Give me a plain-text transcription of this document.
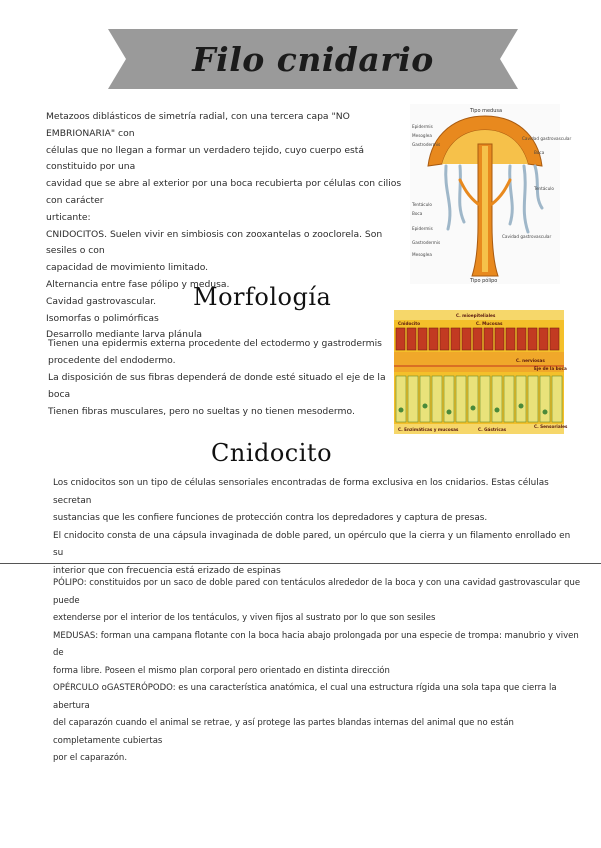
Filo cnidario

Metazoos diblásticos de simetría radial, con una tercera capa "NO EMBRIONARIA" con

células que no llegan a formar un verdadero tejido, cuyo cuerpo está constituido por una

cavidad que se abre al exterior por una boca recubierta por células con cilios con carácter

urticante:

CNIDOCITOS. Suelen vivir en simbiosis con zooxantelas o zooclorela. Son sesiles o con

capacidad de movimiento limitado.

Alternancia entre fase pólipo y medusa.

Cavidad gastrovascular.

Isomorfas o polimórficas

Desarrollo mediante larva plánula

Tipo medusa
Tipo pólipo
Epidermis
Mesoglea
Gastrodermis
Tentáculo
Boca
Epidermis
Gastrodermis
Mesoglea
Cavidad gastrovascular
Boca
Tentáculo
Cavidad gastrovascular
Morfología

Tienen una epidermis externa procedente del ectodermo y gastrodermis

procedente del endodermo.

La disposición de sus fibras dependerá de donde esté situado el eje de la boca

Tienen fibras musculares, pero no sueltas y no tienen mesodermo.

C. mioepiteliales
Cnidocito	C. Mucosas
C. nerviosas
Eje de la boca
C. Sensoriales
C. Enzimáticas y mucosas	C. Gástricas
Cnidocito

Los cnidocitos son un tipo de células sensoriales encontradas de forma exclusiva en los cnidarios. Estas células secretan

sustancias que les confiere funciones de protección contra los depredadores y captura de presas.

El cnidocito consta de una cápsula invaginada de doble pared, un opérculo que la cierra y un filamento enrollado en su

interior que con frecuencia está erizado de espinas

PÓLIPO: constituidos por un saco de doble pared con tentáculos alrededor de la boca y con una cavidad gastrovascular que puede

extenderse por el interior de los tentáculos, y viven fijos al sustrato por lo que son sesiles

MEDUSAS: forman una campana flotante con la boca hacia abajo prolongada por una especie de trompa: manubrio y viven de

forma libre. Poseen el mismo plan corporal pero orientado en distinta dirección

OPÉRCULO oGASTERÓPODO: es una característica anatómica, el cual una estructura rígida una sola tapa que cierra la abertura

del caparazón cuando el animal se retrae, y así protege las partes blandas internas del animal que no están completamente cubiertas

por el caparazón.
